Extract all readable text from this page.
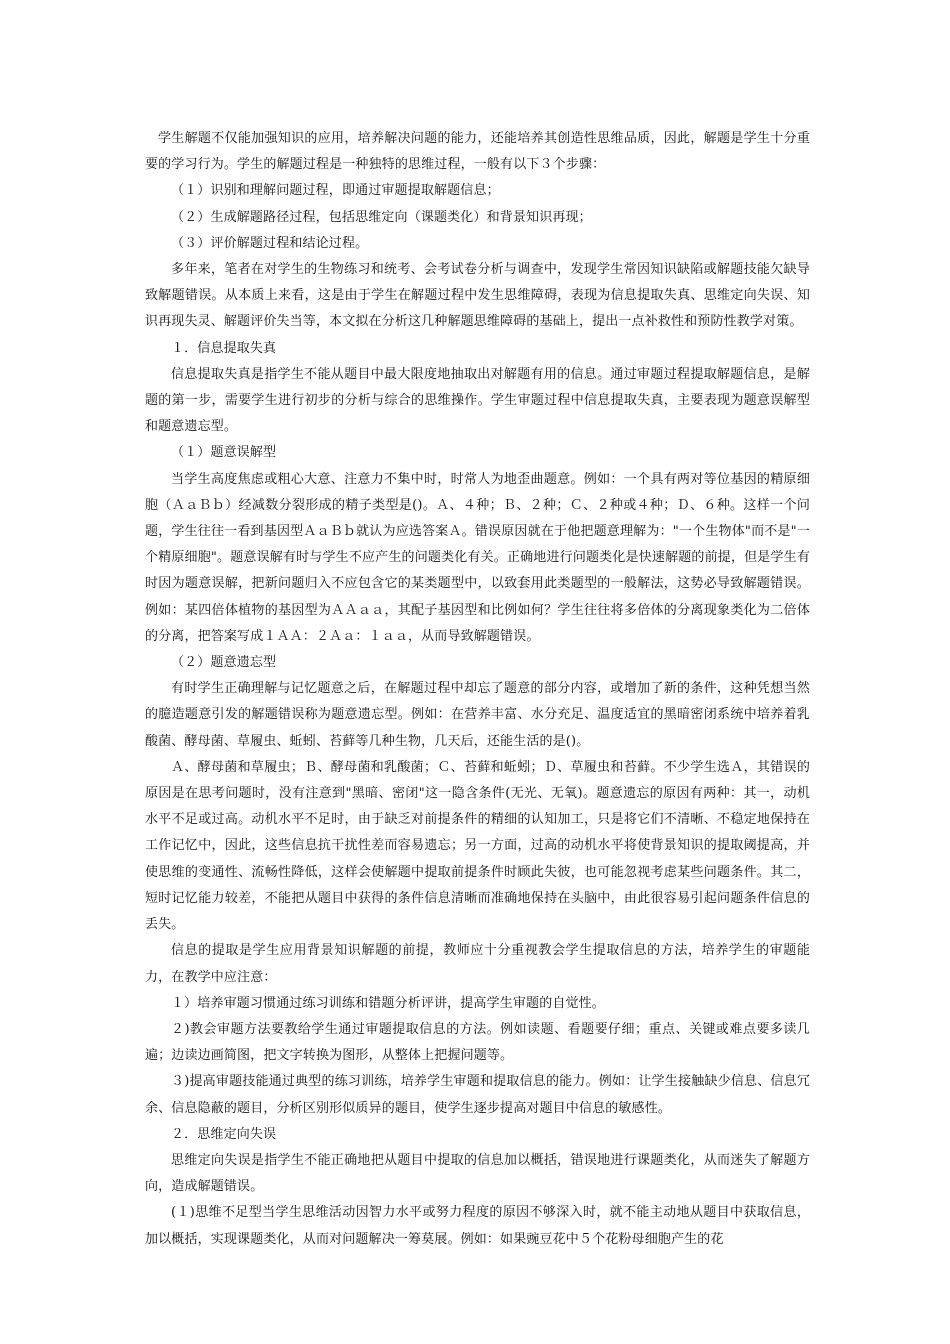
学生解题不仅能加强知识的应用，培养解决问题的能力，还能培养其创造性思维品质，因此，解题是学生十分重要的学习行为。学生的解题过程是一种独特的思维过程，一般有以下３个步骤：

（１）识别和理解问题过程，即通过审题提取解题信息；

（２）生成解题路径过程，包括思维定向（课题类化）和背景知识再现；

（３）评价解题过程和结论过程。

多年来，笔者在对学生的生物练习和统考、会考试卷分析与调查中，发现学生常因知识缺陷或解题技能欠缺导致解题错误。从本质上来看，这是由于学生在解题过程中发生思维障碍，表现为信息提取失真、思维定向失误、知识再现失灵、解题评价失当等，本文拟在分析这几种解题思维障碍的基础上，提出一点补救性和预防性教学对策。

１．信息提取失真

信息提取失真是指学生不能从题目中最大限度地抽取出对解题有用的信息。通过审题过程提取解题信息，是解题的第一步，需要学生进行初步的分析与综合的思维操作。学生审题过程中信息提取失真，主要表现为题意误解型和题意遗忘型。

（１）题意误解型

当学生高度焦虑或粗心大意、注意力不集中时，时常人为地歪曲题意。例如：一个具有两对等位基因的精原细胞（ＡａＢｂ）经减数分裂形成的精子类型是()。Ａ、４种；Ｂ、２种；Ｃ、２种或４种；Ｄ、６种。这样一个问题，学生往往一看到基因型ＡａＢｂ就认为应选答案Ａ。错误原因就在于他把题意理解为："一个生物体"而不是"一个精原细胞"。题意误解有时与学生不应产生的问题类化有关。正确地进行问题类化是快速解题的前提，但是学生有时因为题意误解，把新问题归入不应包含它的某类题型中，以致套用此类题型的一般解法，这势必导致解题错误。例如：某四倍体植物的基因型为ＡＡａａ，其配子基因型和比例如何？学生往往将多倍体的分离现象类化为二倍体的分离，把答案写成１ＡＡ：２Ａａ：１ａａ，从而导致解题错误。

（２）题意遗忘型

有时学生正确理解与记忆题意之后，在解题过程中却忘了题意的部分内容，或增加了新的条件，这种凭想当然的臆造题意引发的解题错误称为题意遗忘型。例如：在营养丰富、水分充足、温度适宜的黑暗密闭系统中培养着乳酸菌、酵母菌、草履虫、蚯蚓、苔藓等几种生物，几天后，还能生活的是()。

Ａ、酵母菌和草履虫；Ｂ、酵母菌和乳酸菌；Ｃ、苔藓和蚯蚓；Ｄ、草履虫和苔藓。不少学生选Ａ，其错误的原因是在思考问题时，没有注意到"黑暗、密闭"这一隐含条件(无光、无氧)。题意遗忘的原因有两种：其一，动机水平不足或过高。动机水平不足时，由于缺乏对前提条件的精细的认知加工，只是将它们不清晰、不稳定地保持在工作记忆中，因此，这些信息抗干扰性差而容易遗忘；另一方面，过高的动机水平将使背景知识的提取阈提高，并使思维的变通性、流畅性降低，这样会使解题中提取前提条件时顾此失彼，也可能忽视考虑某些问题条件。其二，短时记忆能力较差，不能把从题目中获得的条件信息清晰而准确地保持在头脑中，由此很容易引起问题条件信息的丢失。

信息的提取是学生应用背景知识解题的前提，教师应十分重视教会学生提取信息的方法，培养学生的审题能力，在教学中应注意：

１）培养审题习惯通过练习训练和错题分析评讲，提高学生审题的自觉性。

２)教会审题方法要教给学生通过审题提取信息的方法。例如读题、看题要仔细；重点、关键或难点要多读几遍；边读边画简图，把文字转换为图形，从整体上把握问题等。

３)提高审题技能通过典型的练习训练，培养学生审题和提取信息的能力。例如：让学生接触缺少信息、信息冗余、信息隐蔽的题目，分析区别形似质异的题目，使学生逐步提高对题目中信息的敏感性。

２．思维定向失误

思维定向失误是指学生不能正确地把从题目中提取的信息加以概括，错误地进行课题类化，从而迷失了解题方向，造成解题错误。

(１)思维不足型当学生思维活动因智力水平或努力程度的原因不够深入时，就不能主动地从题目中获取信息，加以概括，实现课题类化，从而对问题解决一筹莫展。例如：如果豌豆花中５个花粉母细胞产生的花
